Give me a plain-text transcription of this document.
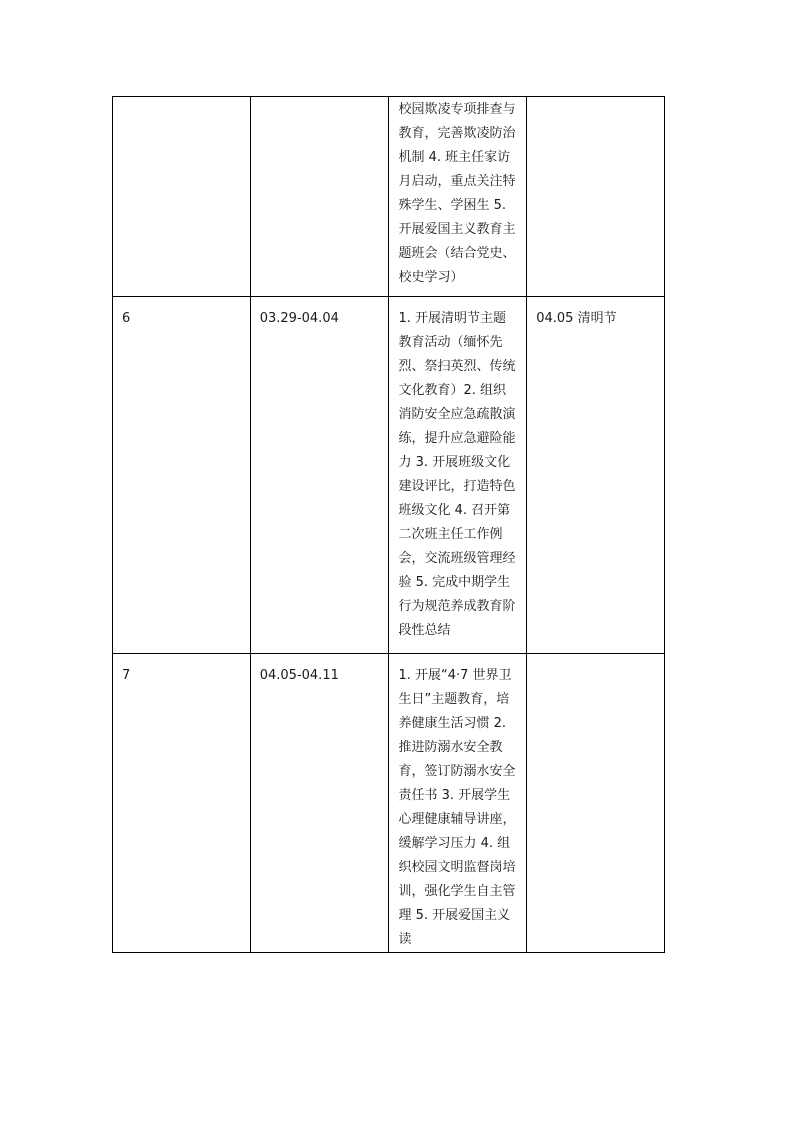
		校园欺凌专项排查与教育，完善欺凌防治机制 4. 班主任家访月启动，重点关注特殊学生、学困生 5. 开展爱国主义教育主题班会（结合党史、校史学习）	

6	03.29-04.04	1. 开展清明节主题教育活动（缅怀先烈、祭扫英烈、传统文化教育）2. 组织消防安全应急疏散演练，提升应急避险能力 3. 开展班级文化建设评比，打造特色班级文化 4. 召开第二次班主任工作例会，交流班级管理经验 5. 完成中期学生行为规范养成教育阶段性总结	04.05 清明节

7	04.05-04.11	1. 开展“4·7 世界卫生日”主题教育，培养健康生活习惯 2. 推进防溺水安全教育，签订防溺水安全责任书 3. 开展学生心理健康辅导讲座，缓解学习压力 4. 组织校园文明监督岗培训，强化学生自主管理 5. 开展爱国主义读	
